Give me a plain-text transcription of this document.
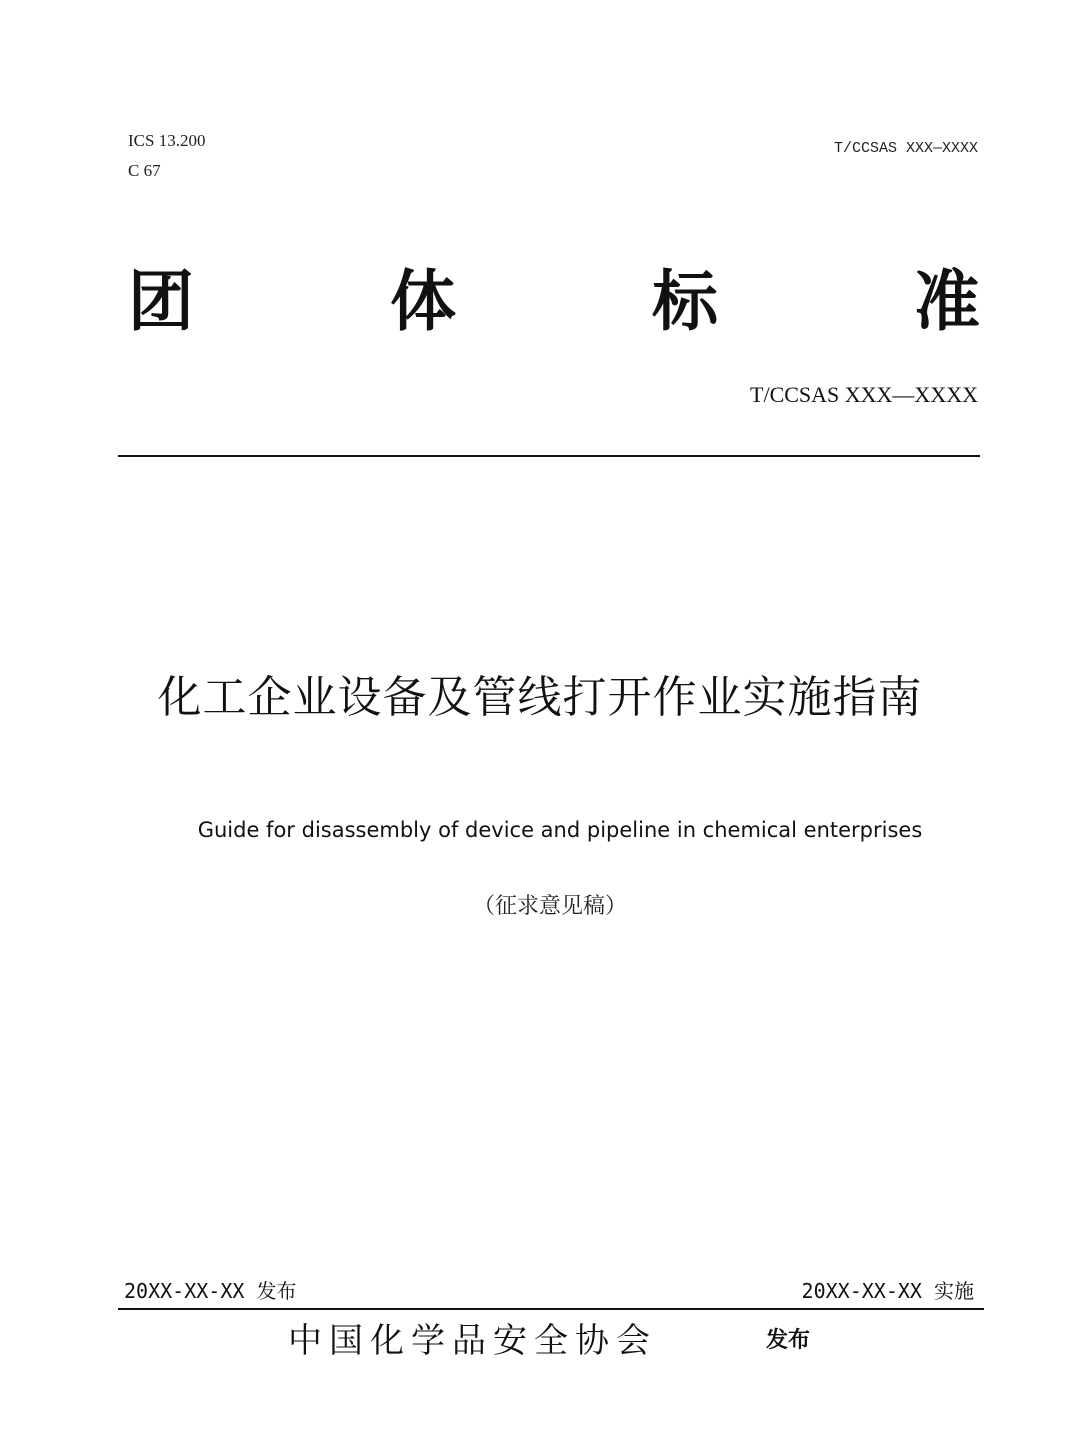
ICS 13.200
C 67
T/CCSAS XXX—XXXX
团	体	标	准
T/CCSAS XXX—XXXX
化工企业设备及管线打开作业实施指南
Guide for disassembly of device and pipeline in chemical enterprises
（征求意见稿）
20XX-XX-XX 发布	20XX-XX-XX 实施
中国化学品安全协会	发布
